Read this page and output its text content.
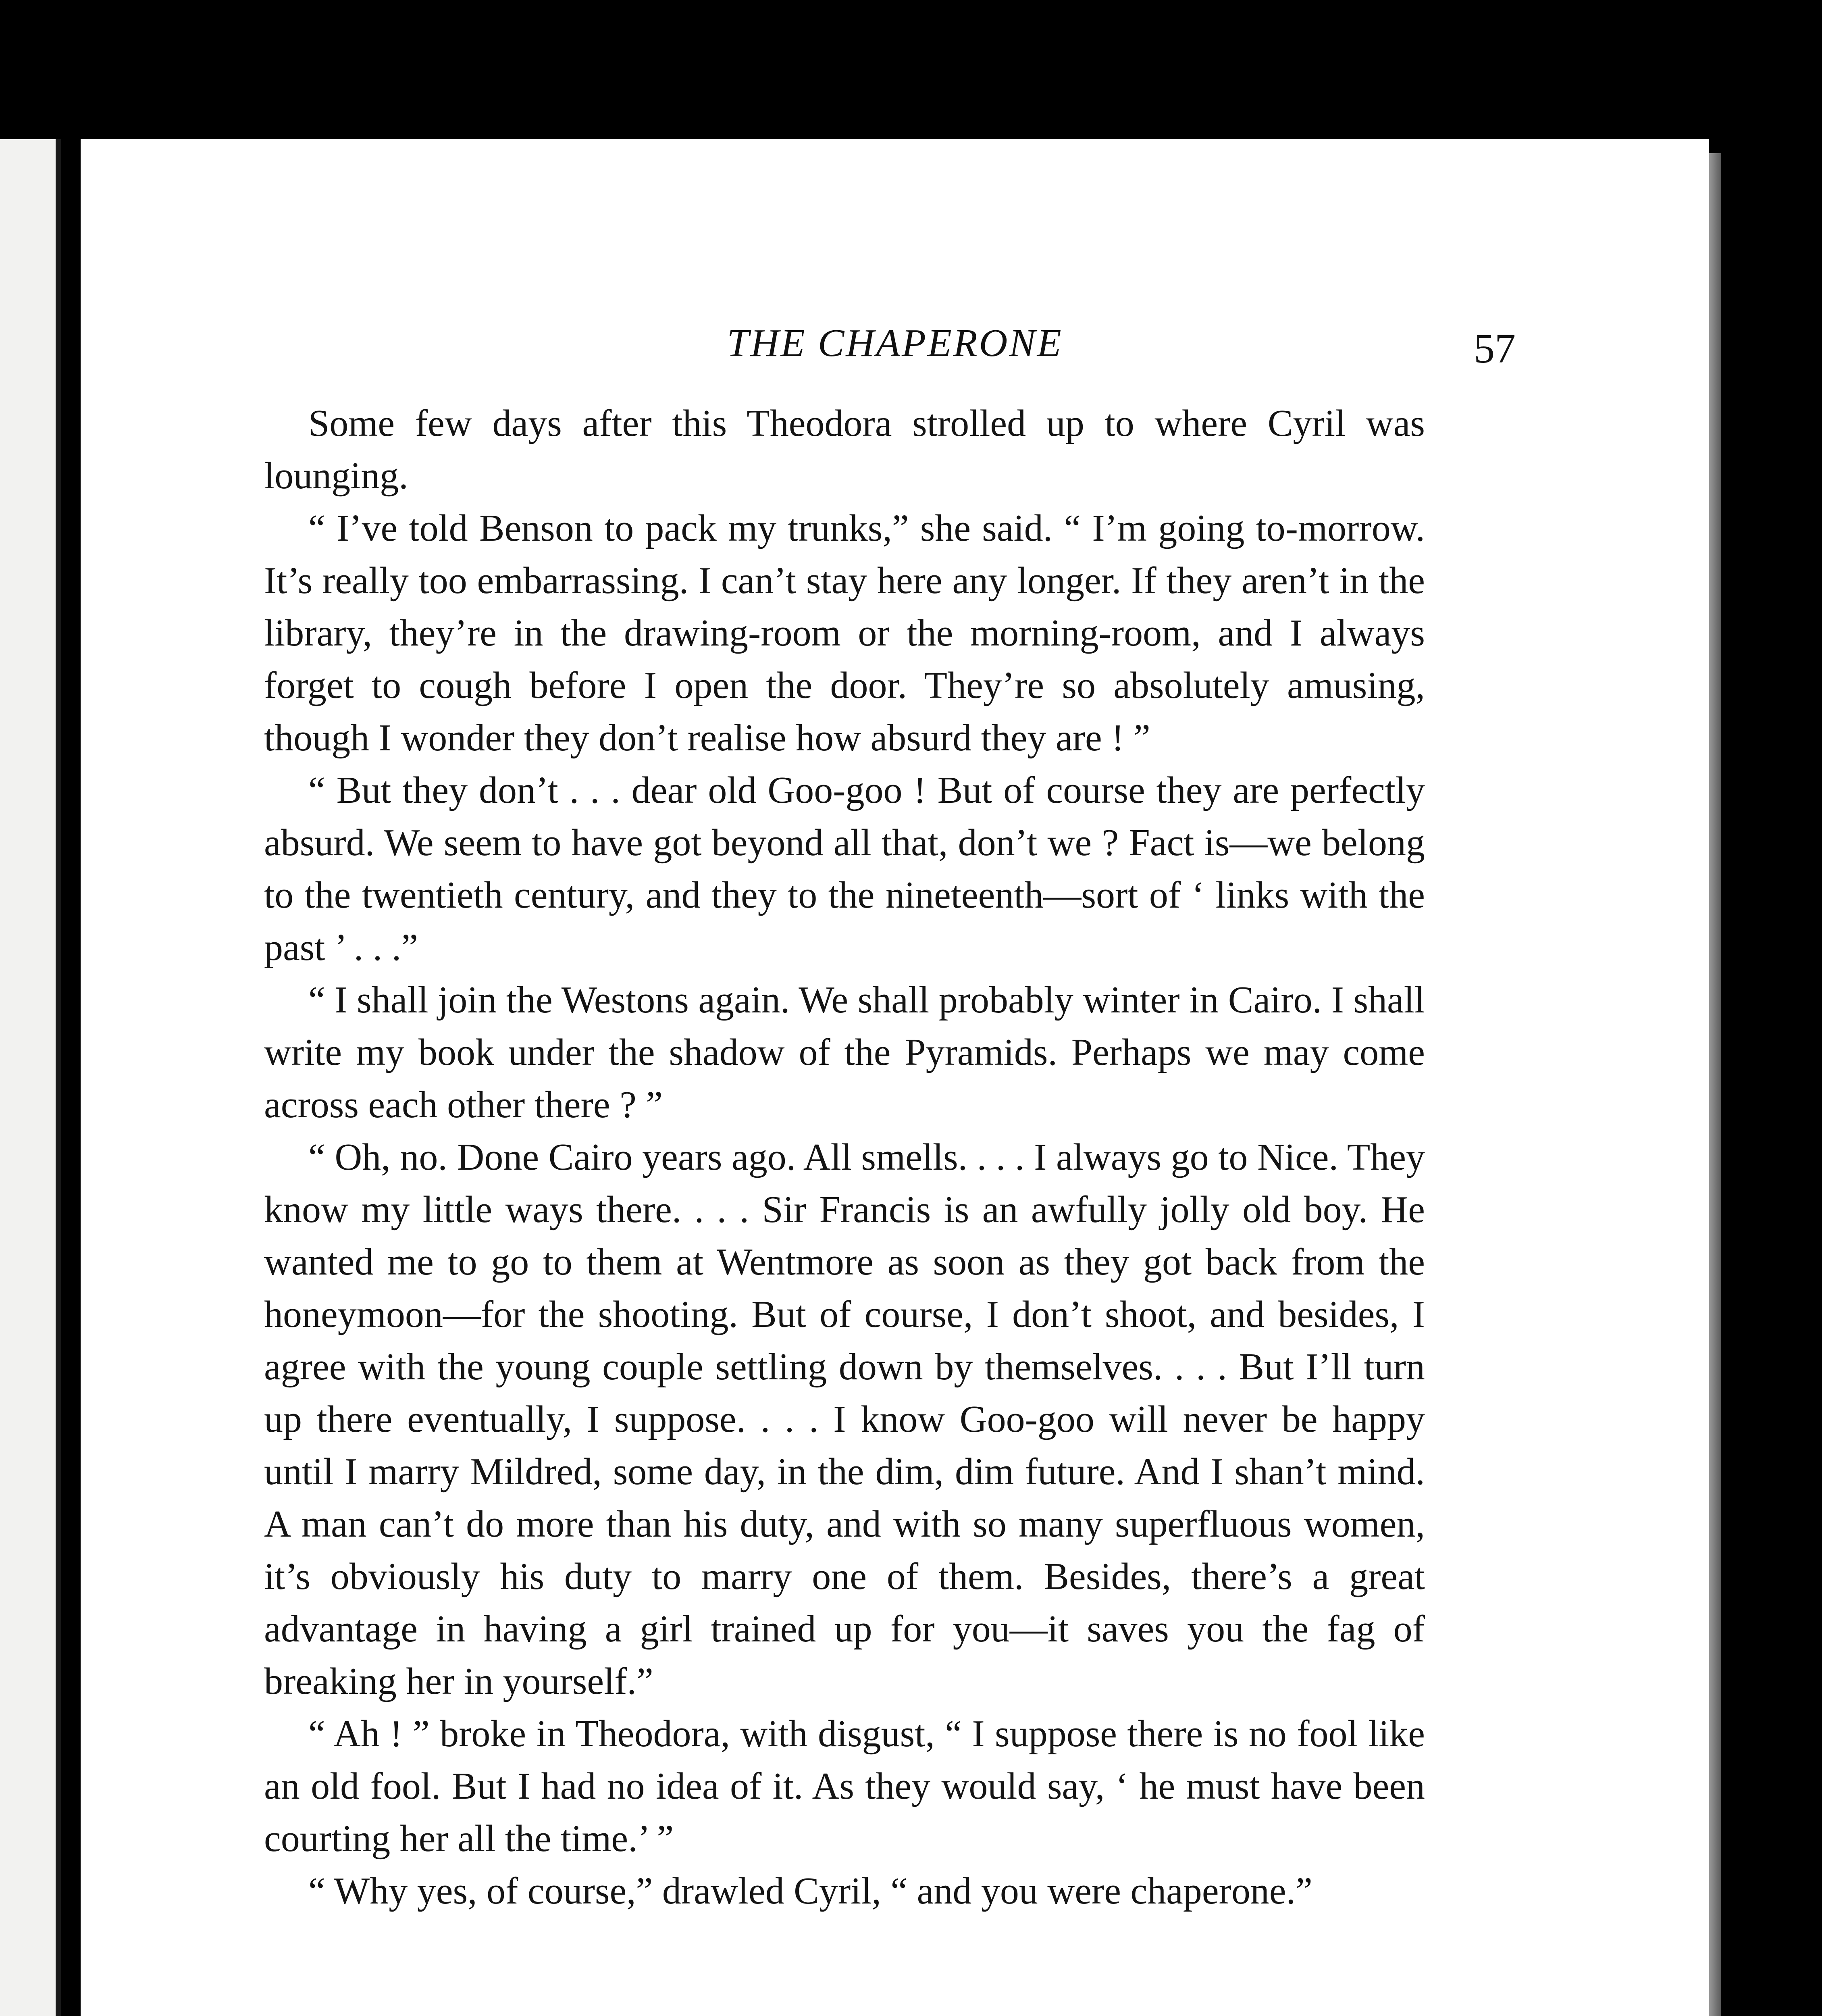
THE CHAPERONE	57

Some few days after this Theodora strolled up to where Cyril was lounging.

“ I’ve told Benson to pack my trunks,” she said. “ I’m going to-morrow. It’s really too embarrassing. I can’t stay here any longer. If they aren’t in the library, they’re in the drawing-room or the morning-room, and I always forget to cough before I open the door. They’re so absolutely amusing, though I wonder they don’t realise how absurd they are ! ”

“ But they don’t . . . dear old Goo-goo ! But of course they are perfectly absurd. We seem to have got beyond all that, don’t we ? Fact is—we belong to the twentieth century, and they to the nineteenth—sort of ‘ links with the past ’ . . .”

“ I shall join the Westons again. We shall probably winter in Cairo. I shall write my book under the shadow of the Pyramids. Perhaps we may come across each other there ? ”

“ Oh, no. Done Cairo years ago. All smells. . . . I always go to Nice. They know my little ways there. . . . Sir Francis is an awfully jolly old boy. He wanted me to go to them at Wentmore as soon as they got back from the honeymoon—for the shooting. But of course, I don’t shoot, and besides, I agree with the young couple settling down by themselves. . . . But I’ll turn up there eventually, I suppose. . . . I know Goo-goo will never be happy until I marry Mildred, some day, in the dim, dim future. And I shan’t mind. A man can’t do more than his duty, and with so many superfluous women, it’s obviously his duty to marry one of them. Besides, there’s a great advantage in having a girl trained up for you—it saves you the fag of breaking her in yourself.”

“ Ah ! ” broke in Theodora, with disgust, “ I suppose there is no fool like an old fool. But I had no idea of it. As they would say, ‘ he must have been courting her all the time.’ ”

“ Why yes, of course,” drawled Cyril, “ and you were chaperone.”
